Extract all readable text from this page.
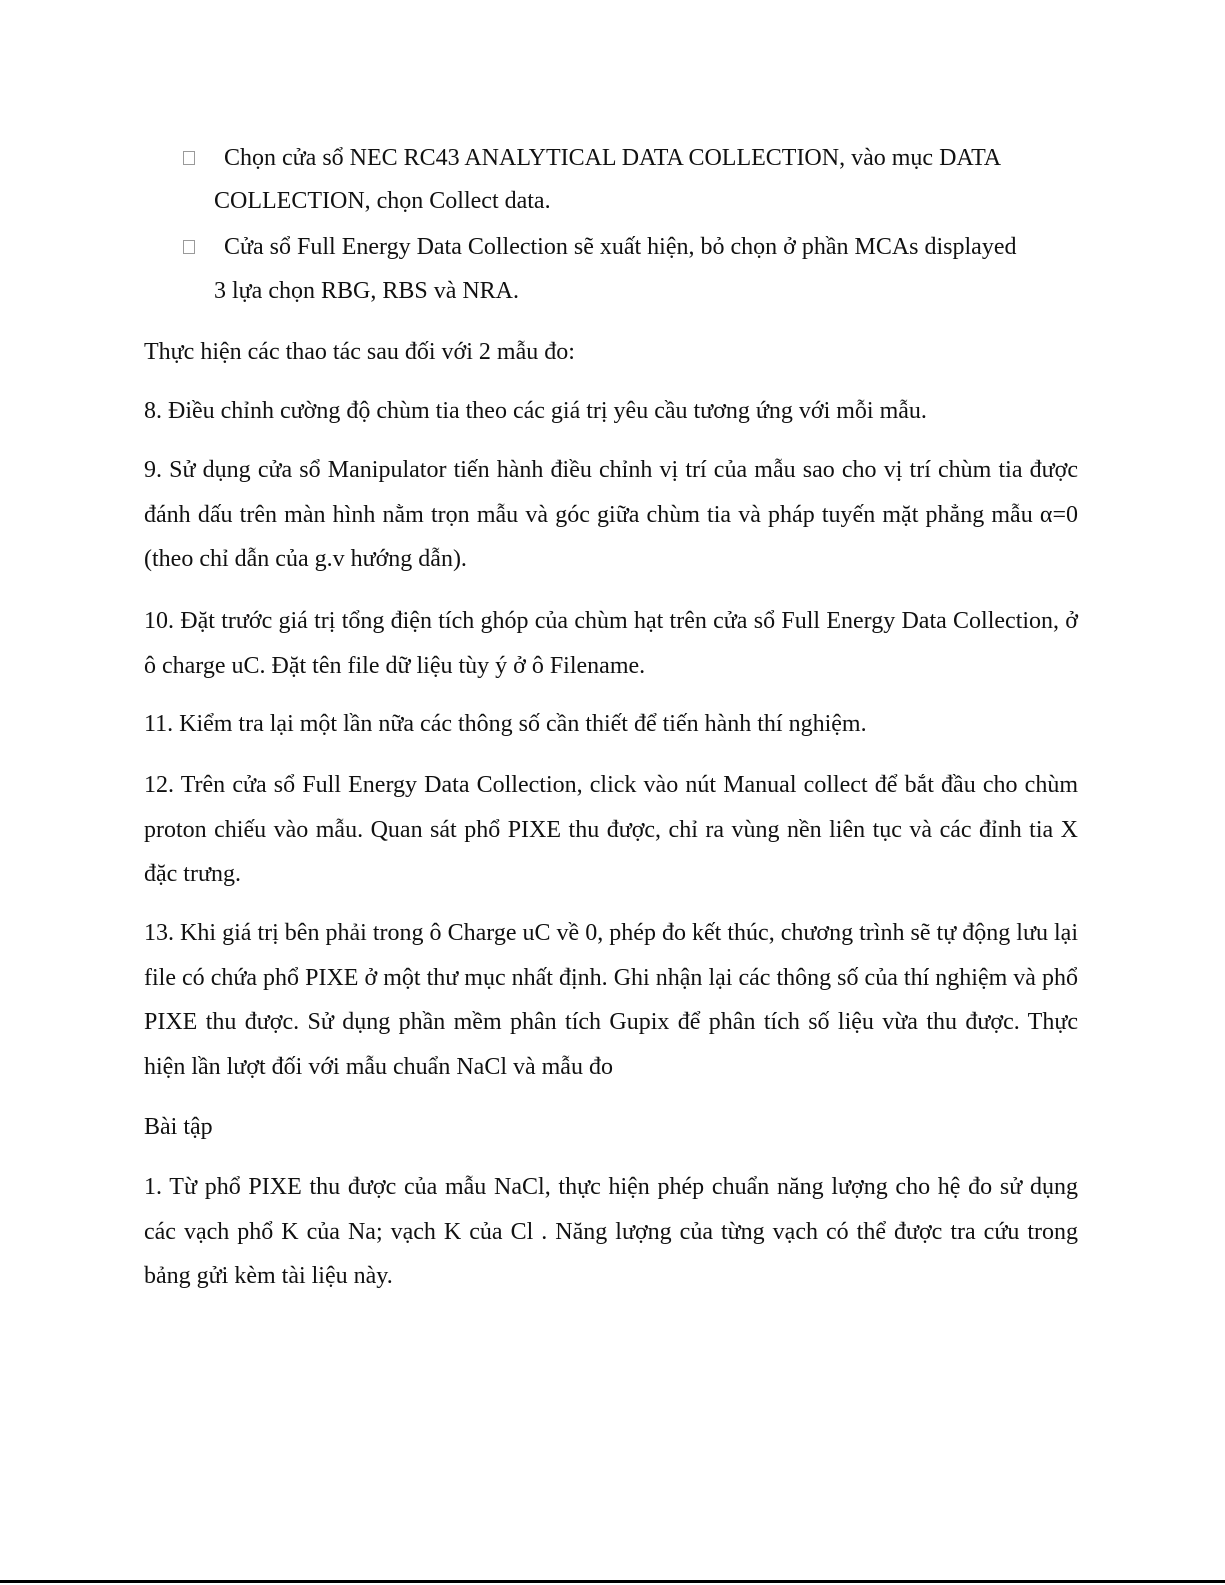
Chọn cửa sổ NEC RC43 ANALYTICAL DATA COLLECTION, vào mục DATA
COLLECTION, chọn Collect data.
Cửa sổ Full Energy Data Collection sẽ xuất hiện, bỏ chọn ở phần MCAs displayed
3 lựa chọn RBG, RBS và NRA.
Thực hiện các thao tác sau đối với 2 mẫu đo:
8. Điều chỉnh cường độ chùm tia theo các giá trị yêu cầu tương ứng với mỗi mẫu.
9. Sử dụng cửa sổ Manipulator tiến hành điều chỉnh vị trí của mẫu sao cho vị trí chùm tia được đánh dấu trên màn hình nằm trọn mẫu và góc giữa chùm tia và pháp tuyến mặt phẳng mẫu α=0 (theo chỉ dẫn của g.v hướng dẫn).
10. Đặt trước giá trị tổng điện tích ghóp của chùm hạt trên cửa sổ Full Energy Data Collection, ở ô charge uC. Đặt tên file dữ liệu tùy ý ở ô Filename.
11. Kiểm tra lại một lần nữa các thông số cần thiết để tiến hành thí nghiệm.
12. Trên cửa sổ Full Energy Data Collection, click vào nút Manual collect để bắt đầu cho chùm proton chiếu vào mẫu. Quan sát phổ PIXE thu được, chỉ ra vùng nền liên tục và các đỉnh tia X đặc trưng.
13. Khi giá trị bên phải trong ô Charge uC về 0, phép đo kết thúc, chương trình sẽ tự động lưu lại file có chứa phổ PIXE ở một thư mục nhất định. Ghi nhận lại các thông số của thí nghiệm và phổ PIXE thu được. Sử dụng phần mềm phân tích Gupix để phân tích số liệu vừa thu được. Thực hiện lần lượt đối với mẫu chuẩn NaCl và mẫu đo
Bài tập
1. Từ phổ PIXE thu được của mẫu NaCl, thực hiện phép chuẩn năng lượng cho hệ đo sử dụng các vạch phổ K của Na; vạch K của Cl . Năng lượng của từng vạch có thể được tra cứu trong bảng gửi kèm tài liệu này.
